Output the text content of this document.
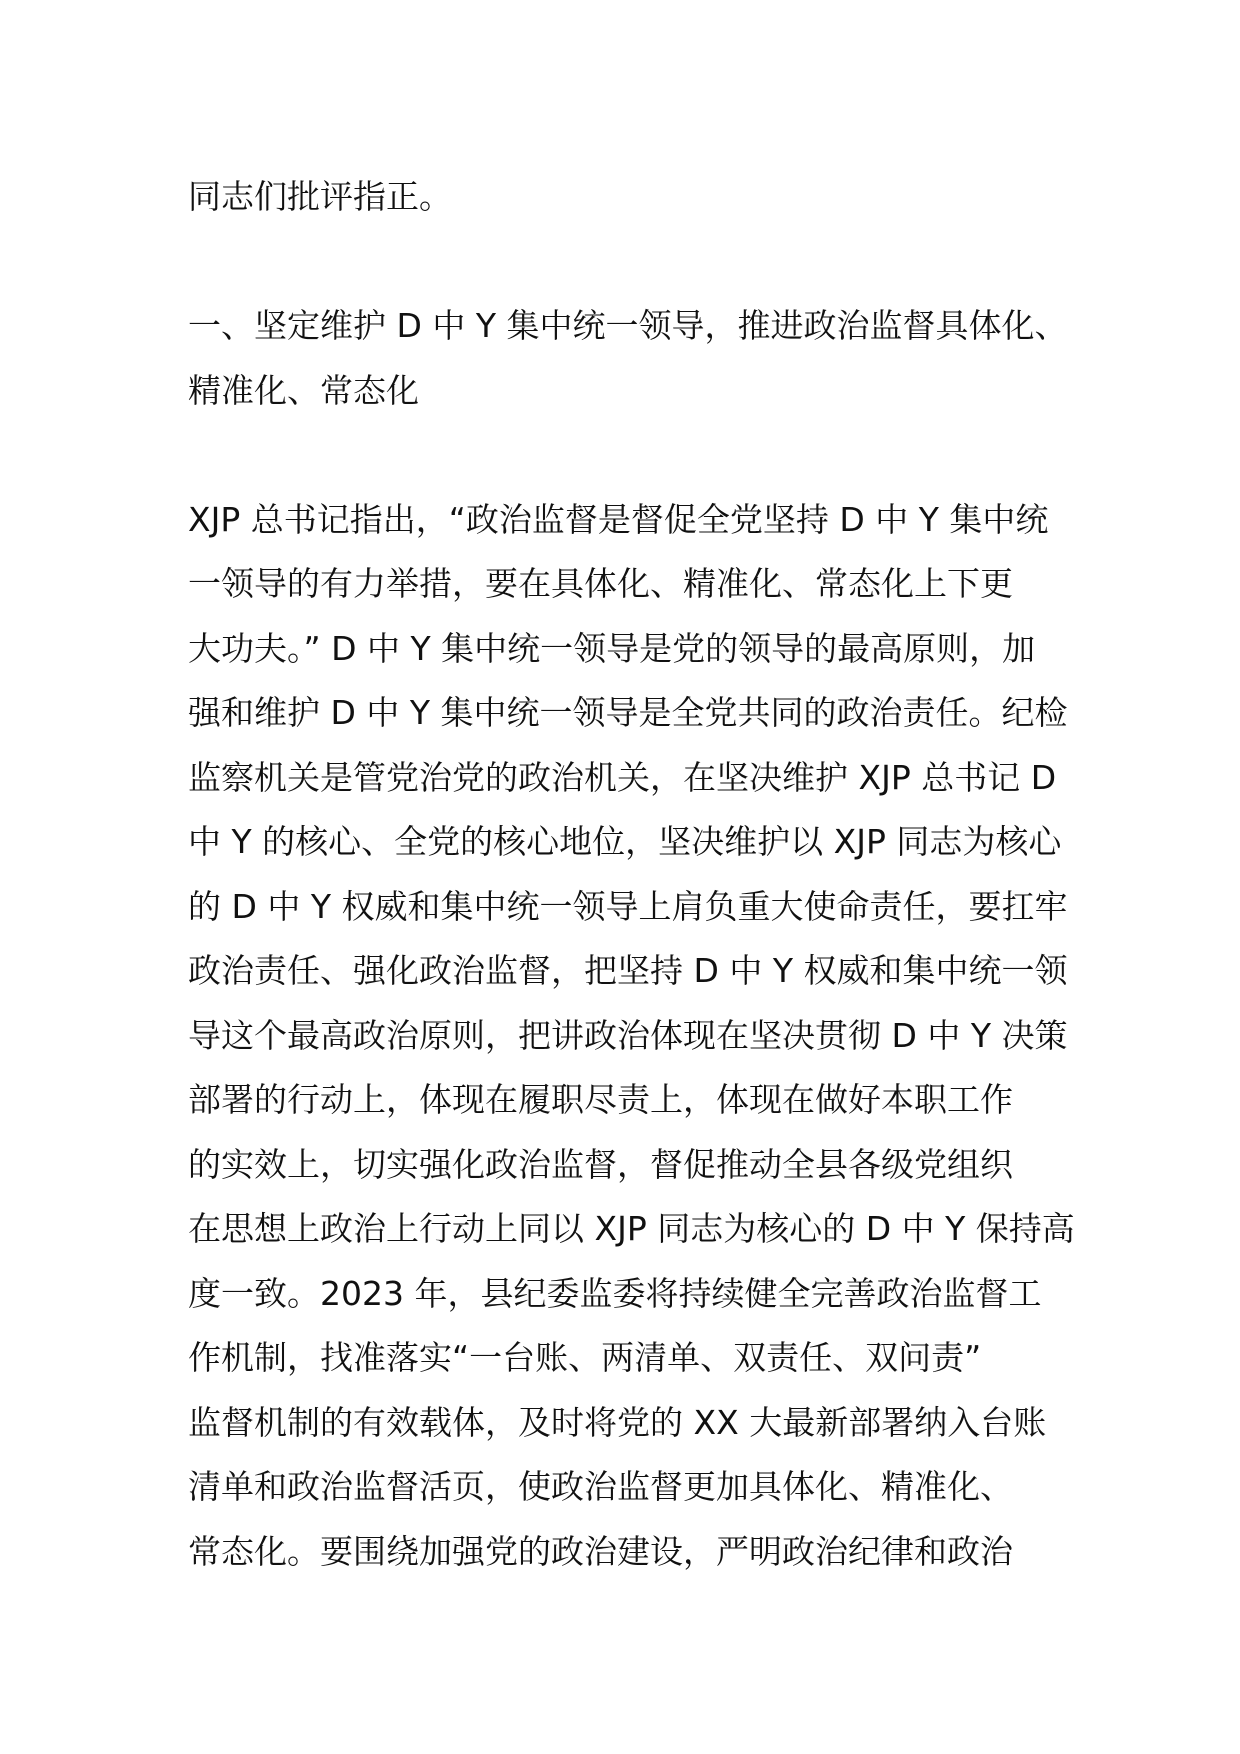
同志们批评指正。
一、坚定维护 D 中 Y 集中统一领导，推进政治监督具体化、
精准化、常态化
XJP 总书记指出，“政治监督是督促全党坚持 D 中 Y 集中统
一领导的有力举措，要在具体化、精准化、常态化上下更
大功夫。” D 中 Y 集中统一领导是党的领导的最高原则，加
强和维护 D 中 Y 集中统一领导是全党共同的政治责任。纪检
监察机关是管党治党的政治机关，在坚决维护 XJP 总书记 D
中 Y 的核心、全党的核心地位，坚决维护以 XJP 同志为核心
的 D 中 Y 权威和集中统一领导上肩负重大使命责任，要扛牢
政治责任、强化政治监督，把坚持 D 中 Y 权威和集中统一领
导这个最高政治原则，把讲政治体现在坚决贯彻 D 中 Y 决策
部署的行动上，体现在履职尽责上，体现在做好本职工作
的实效上，切实强化政治监督，督促推动全县各级党组织
在思想上政治上行动上同以 XJP 同志为核心的 D 中 Y 保持高
度一致。2023 年，县纪委监委将持续健全完善政治监督工
作机制，找准落实“一台账、两清单、双责任、双问责”
监督机制的有效载体，及时将党的 XX 大最新部署纳入台账
清单和政治监督活页，使政治监督更加具体化、精准化、
常态化。要围绕加强党的政治建设，严明政治纪律和政治
